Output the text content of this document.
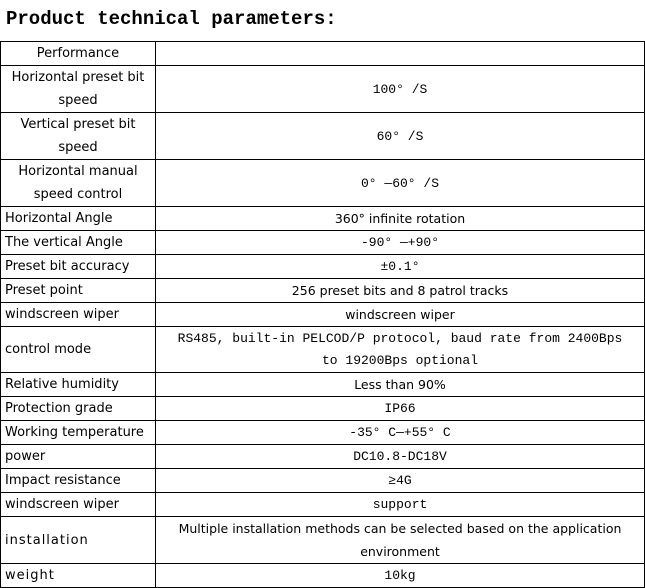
Product technical parameters:
Performance	
Horizontal preset bit speed	100° /S
Vertical preset bit speed	60° /S
Horizontal manual speed control	0° —60° /S
Horizontal Angle	360° infinite rotation
The vertical Angle	-90° —+90°
Preset bit accuracy	±0.1°
Preset point	256 preset bits and 8 patrol tracks
windscreen wiper	windscreen wiper
control mode	RS485, built-in PELCOD/P protocol, baud rate from 2400Bps to 19200Bps optional
Relative humidity	Less than 90%
Protection grade	IP66
Working temperature	-35° C—+55° C
power	DC10.8-DC18V
Impact resistance	≥4G
windscreen wiper	support
installation	Multiple installation methods can be selected based on the application environment
weight	10kg
